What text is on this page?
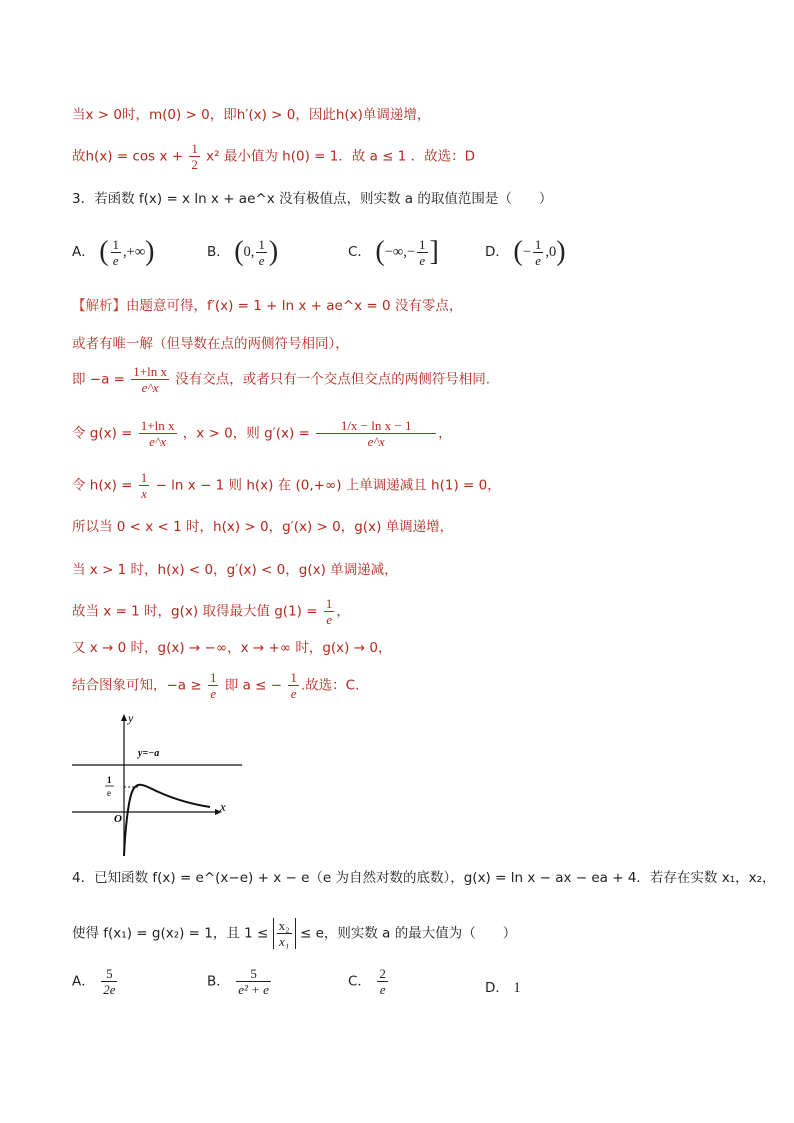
当x > 0时，m(0) > 0，即h′(x) > 0，因此h(x)单调递增，
故$h(x) = \cos x + \frac{1}{2} x^2$ 最小值为 h(0) = 1．故 a ≤ 1 ．故选：D
3．若函数 f(x) = x ln x + ae^x 没有极值点，则实数 a 的取值范围是（　　）
A． ( $\frac{1}{e}$ ,+∞)	B． (0, $\frac{1}{e}$ )	C． (−∞,− $\frac{1}{e}$ ]	D． (− $\frac{1}{e} ,0$)
【解析】由题意可得，f′(x) = 1 + ln x + ae^x = 0 没有零点，
或者有唯一解（但导数在点的两侧符号相同），
即 $-a = \frac{\text{1+ln x}}{e\^{}x}$ 没有交点，或者只有一个交点但交点的两侧符号相同.
令 $g(x) = \frac{\text{1+ln x}}{e\^{}x}$ ，x > 0，则 $g'(x) = \frac{\text{1/x − ln x − 1}}{e\^{}x}$ ，
令 $h(x) = \frac{1}{x} - \ln x - 1$ 则 h(x) 在 (0,+∞) 上单调递减且 h(1) = 0，
所以当 0 < x < 1 时，h(x) > 0，g′(x) > 0，g(x) 单调递增，
当 x > 1 时，h(x) < 0，g′(x) < 0，g(x) 单调递减，
故当 x = 1 时，g(x) 取得最大值 $g(1) = \frac{1}{e}$ ，
又 x → 0 时，g(x) → −∞，x → +∞ 时，g(x) → 0，
结合图象可知，$-a \ge \frac{1}{e}$ 即 a ≤ − $\frac{1}{e}$ .故选：C.
y
x
O
y=−a
1
e
4．已知函数 f(x) = e^(x−e) + x − e（e 为自然对数的底数），g(x) = ln x − ax − ea + 4．若存在实数 x₁，x₂，
使得 f(x₁) = g(x₂) = 1，且 $1 \le \frac{\text{x₂}}{\text{x₁}} \le e$，则实数 a 的最大值为（　　）
A． $\frac{5}{2e}$	B． $\frac{5}{\text{e² + e}}$	C． $\frac{2}{e}$	D． 1
